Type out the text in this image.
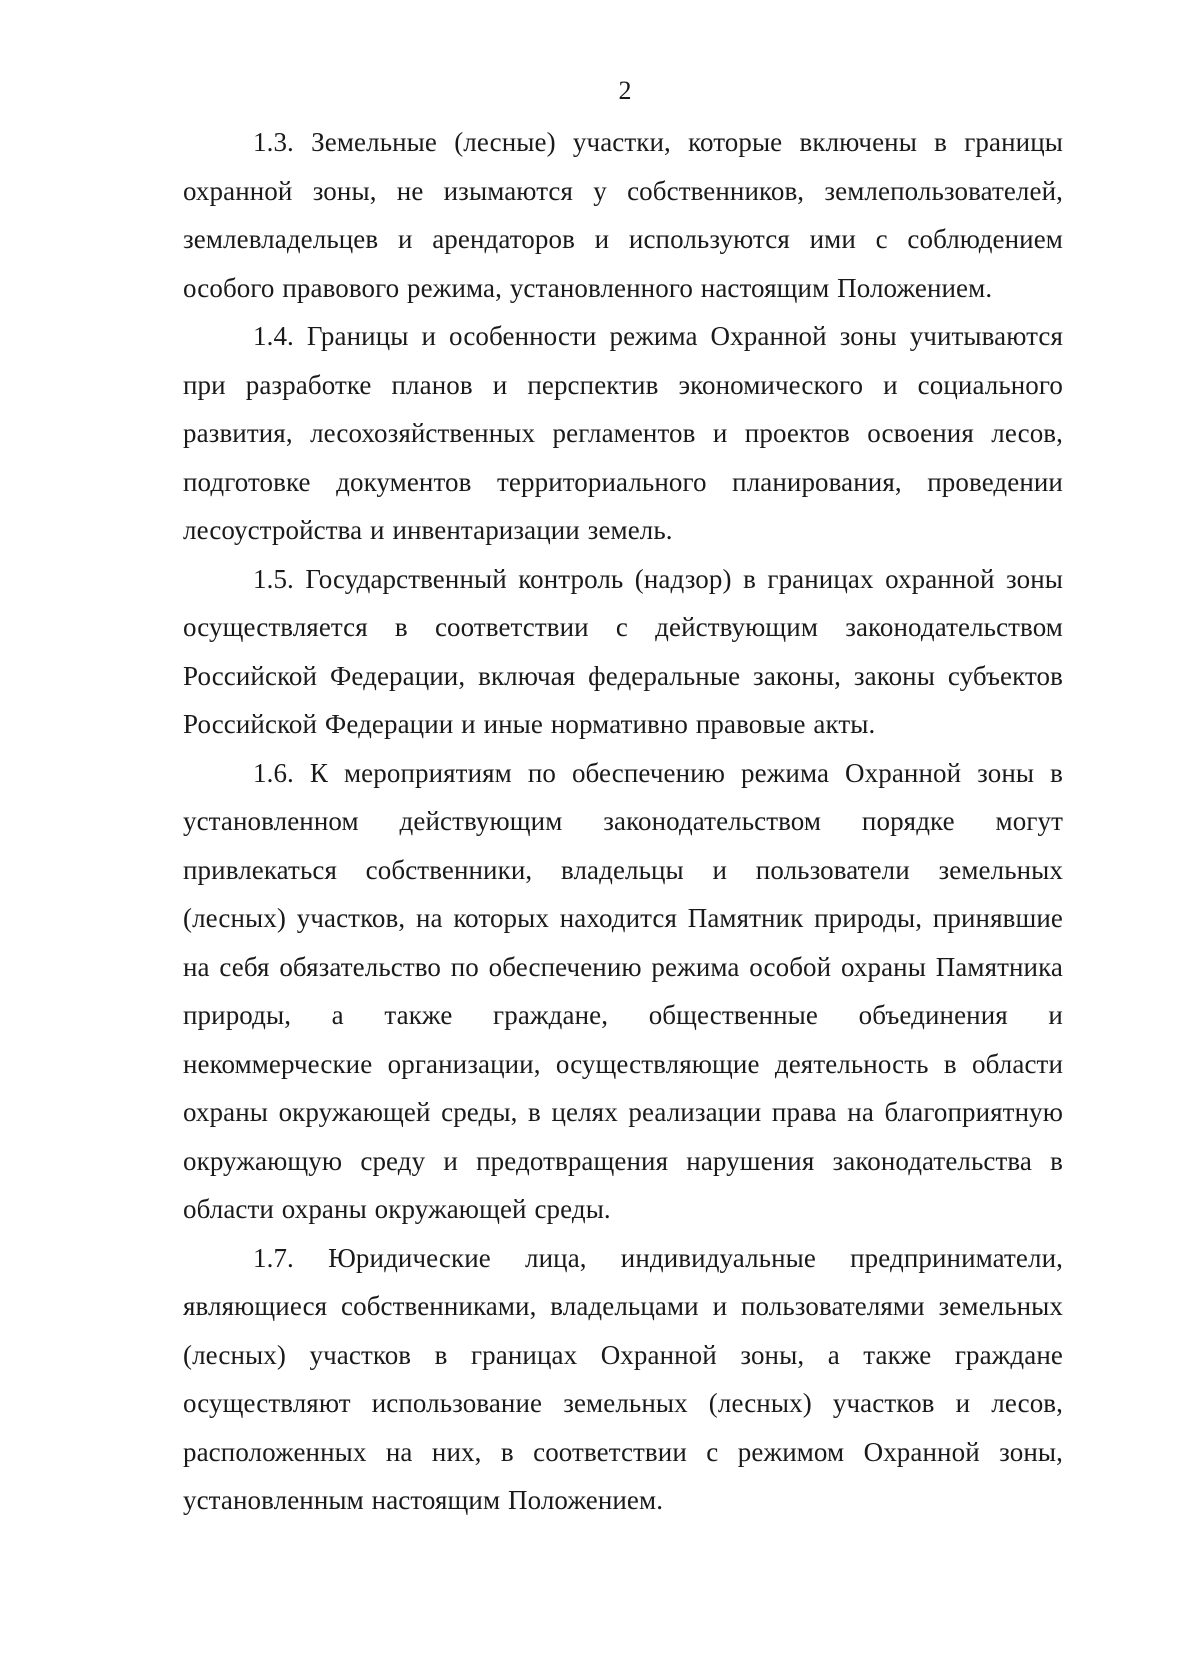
2

1.3. Земельные (лесные) участки, которые включены в границы охранной зоны, не изымаются у собственников, землепользователей, землевладельцев и арендаторов и используются ими с соблюдением особого правового режима, установленного настоящим Положением.

1.4. Границы и особенности режима Охранной зоны учитываются при разработке планов и перспектив экономического и социального развития, лесохозяйственных регламентов и проектов освоения лесов, подготовке документов территориального планирования, проведении лесоустройства и инвентаризации земель.

1.5. Государственный контроль (надзор) в границах охранной зоны осуществляется в соответствии с действующим законодательством Российской Федерации, включая федеральные законы, законы субъектов Российской Федерации и иные нормативно правовые акты.

1.6. К мероприятиям по обеспечению режима Охранной зоны в установленном действующим законодательством порядке могут привлекаться собственники, владельцы и пользователи земельных (лесных) участков, на которых находится Памятник природы, принявшие на себя обязательство по обеспечению режима особой охраны Памятника природы, а также граждане, общественные объединения и некоммерческие организации, осуществляющие деятельность в области охраны окружающей среды, в целях реализации права на благоприятную окружающую среду и предотвращения нарушения законодательства в области охраны окружающей среды.

1.7. Юридические лица, индивидуальные предприниматели, являющиеся собственниками, владельцами и пользователями земельных (лесных) участков в границах Охранной зоны, а также граждане осуществляют использование земельных (лесных) участков и лесов, расположенных на них, в соответствии с режимом Охранной зоны, установленным настоящим Положением.
